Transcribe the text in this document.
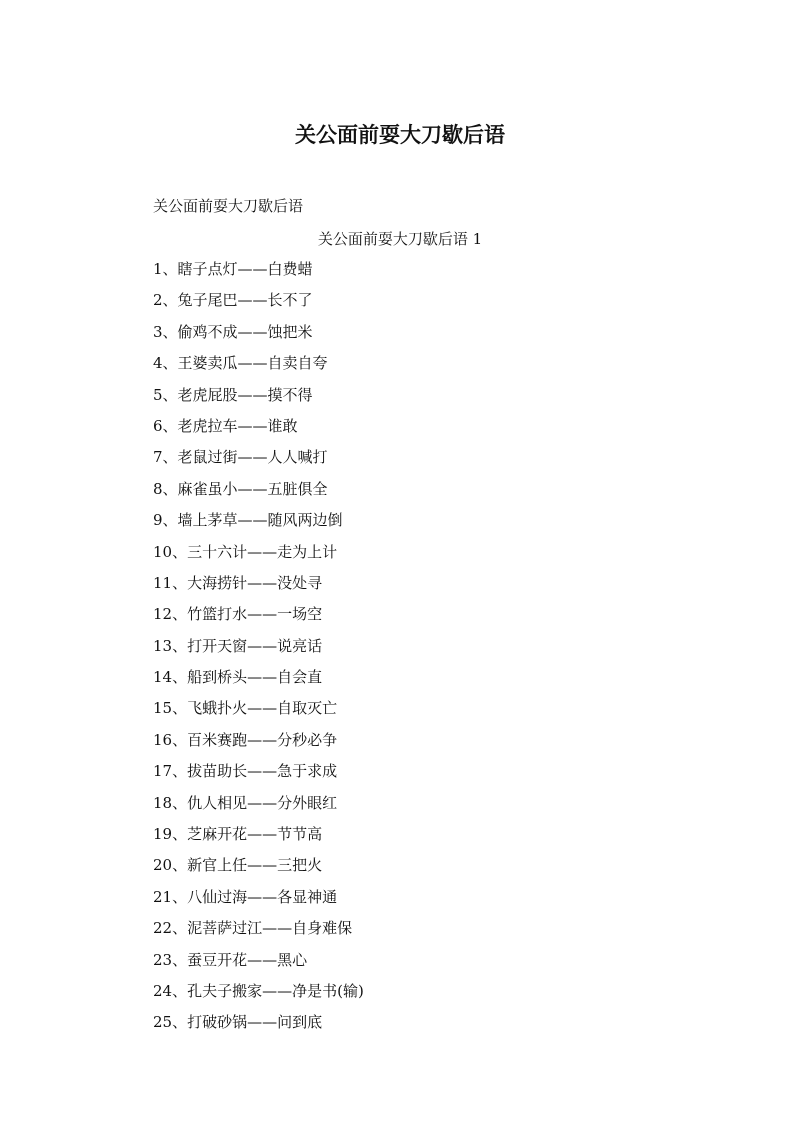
关公面前耍大刀歇后语

关公面前耍大刀歇后语

关公面前耍大刀歇后语 1

1、瞎子点灯——白费蜡
2、兔子尾巴——长不了
3、偷鸡不成——蚀把米
4、王婆卖瓜——自卖自夸
5、老虎屁股——摸不得
6、老虎拉车——谁敢
7、老鼠过街——人人喊打
8、麻雀虽小——五脏俱全
9、墙上茅草——随风两边倒
10、三十六计——走为上计
11、大海捞针——没处寻
12、竹篮打水——一场空
13、打开天窗——说亮话
14、船到桥头——自会直
15、飞蛾扑火——自取灭亡
16、百米赛跑——分秒必争
17、拔苗助长——急于求成
18、仇人相见——分外眼红
19、芝麻开花——节节高
20、新官上任——三把火
21、八仙过海——各显神通
22、泥菩萨过江——自身难保
23、蚕豆开花——黑心
24、孔夫子搬家——净是书(输)
25、打破砂锅——问到底
